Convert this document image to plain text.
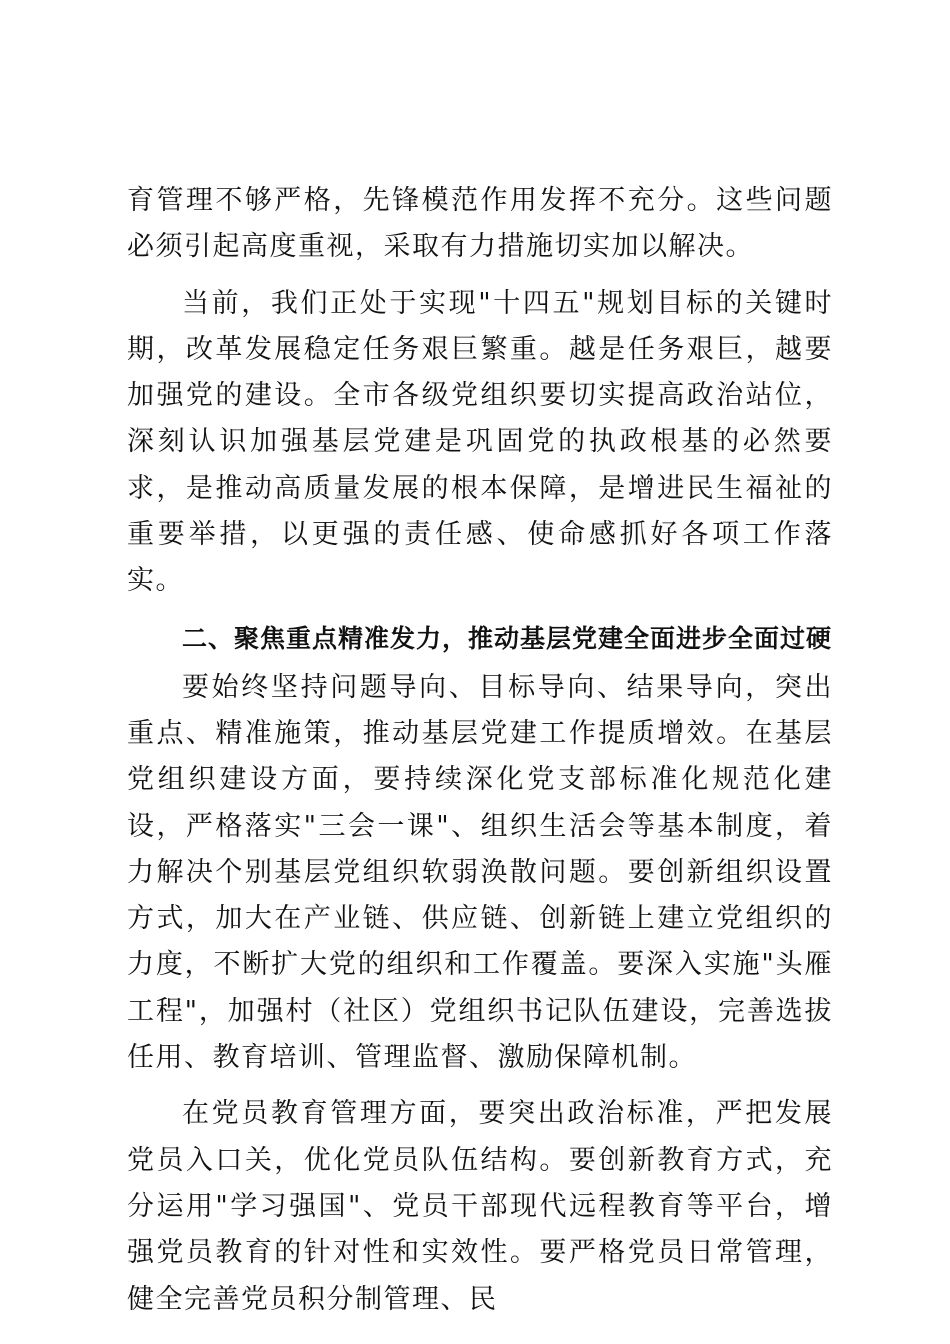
育管理不够严格，先锋模范作用发挥不充分。这些问题必须引起高度重视，采取有力措施切实加以解决。

当前，我们正处于实现"十四五"规划目标的关键时期，改革发展稳定任务艰巨繁重。越是任务艰巨，越要加强党的建设。全市各级党组织要切实提高政治站位，深刻认识加强基层党建是巩固党的执政根基的必然要求，是推动高质量发展的根本保障，是增进民生福祉的重要举措，以更强的责任感、使命感抓好各项工作落实。

二、聚焦重点精准发力，推动基层党建全面进步全面过硬

要始终坚持问题导向、目标导向、结果导向，突出重点、精准施策，推动基层党建工作提质增效。在基层党组织建设方面，要持续深化党支部标准化规范化建设，严格落实"三会一课"、组织生活会等基本制度，着力解决个别基层党组织软弱涣散问题。要创新组织设置方式，加大在产业链、供应链、创新链上建立党组织的力度，不断扩大党的组织和工作覆盖。要深入实施"头雁工程"，加强村（社区）党组织书记队伍建设，完善选拔任用、教育培训、管理监督、激励保障机制。

在党员教育管理方面，要突出政治标准，严把发展党员入口关，优化党员队伍结构。要创新教育方式，充分运用"学习强国"、党员干部现代远程教育等平台，增强党员教育的针对性和实效性。要严格党员日常管理，健全完善党员积分制管理、民
